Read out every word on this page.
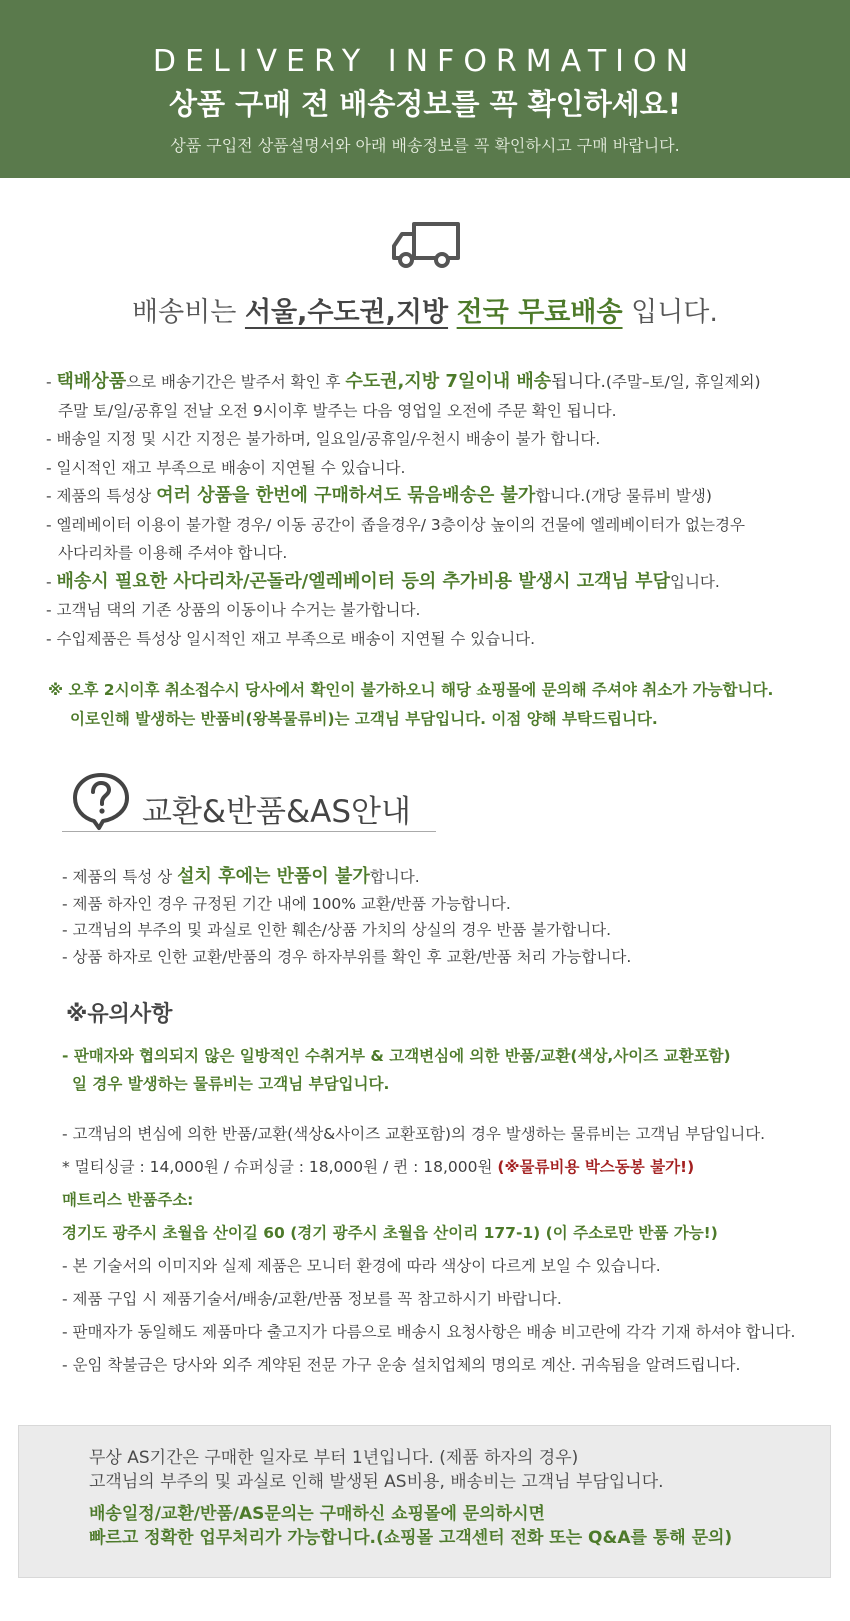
DELIVERY INFORMATION
상품 구매 전 배송정보를 꼭 확인하세요!
상품 구입전 상품설명서와 아래 배송정보를 꼭 확인하시고 구매 바랍니다.
배송비는 서울,수도권,지방 전국 무료배송 입니다.
- 택배상품으로 배송기간은 발주서 확인 후 수도권,지방 7일이내 배송됩니다.(주말–토/일, 휴일제외)
주말 토/일/공휴일 전날 오전 9시이후 발주는 다음 영업일 오전에 주문 확인 됩니다.
- 배송일 지정 및 시간 지정은 불가하며, 일요일/공휴일/우천시 배송이 불가 합니다.
- 일시적인 재고 부족으로 배송이 지연될 수 있습니다.
- 제품의 특성상 여러 상품을 한번에 구매하셔도 묶음배송은 불가합니다.(개당 물류비 발생)
- 엘레베이터 이용이 불가할 경우/ 이동 공간이 좁을경우/ 3층이상 높이의 건물에 엘레베이터가 없는경우
사다리차를 이용해 주셔야 합니다.
- 배송시 필요한 사다리차/곤돌라/엘레베이터 등의 추가비용 발생시 고객님 부담입니다.
- 고객님 댁의 기존 상품의 이동이나 수거는 불가합니다.
- 수입제품은 특성상 일시적인 재고 부족으로 배송이 지연될 수 있습니다.
※ 오후 2시이후 취소접수시 당사에서 확인이 불가하오니 해당 쇼핑몰에 문의해 주셔야 취소가 가능합니다.
이로인해 발생하는 반품비(왕복물류비)는 고객님 부담입니다. 이점 양해 부탁드립니다.
교환&반품&AS안내
- 제품의 특성 상 설치 후에는 반품이 불가합니다.
- 제품 하자인 경우 규정된 기간 내에 100% 교환/반품 가능합니다.
- 고객님의 부주의 및 과실로 인한 훼손/상품 가치의 상실의 경우 반품 불가합니다.
- 상품 하자로 인한 교환/반품의 경우 하자부위를 확인 후 교환/반품 처리 가능합니다.
※유의사항
- 판매자와 협의되지 않은 일방적인 수취거부 & 고객변심에 의한 반품/교환(색상,사이즈 교환포함)
일 경우 발생하는 물류비는 고객님 부담입니다.
- 고객님의 변심에 의한 반품/교환(색상&사이즈 교환포함)의 경우 발생하는 물류비는 고객님 부담입니다.
* 멀티싱글 : 14,000원 / 슈퍼싱글 : 18,000원 / 퀸 : 18,000원 (※물류비용 박스동봉 불가!)
매트리스 반품주소:
경기도 광주시 초월읍 산이길 60 (경기 광주시 초월읍 산이리 177-1) (이 주소로만 반품 가능!)
- 본 기술서의 이미지와 실제 제품은 모니터 환경에 따라 색상이 다르게 보일 수 있습니다.
- 제품 구입 시 제품기술서/배송/교환/반품 정보를 꼭 참고하시기 바랍니다.
- 판매자가 동일해도 제품마다 출고지가 다름으로 배송시 요청사항은 배송 비고란에 각각 기재 하셔야 합니다.
- 운임 착불금은 당사와 외주 계약된 전문 가구 운송 설치업체의 명의로 계산. 귀속됨을 알려드립니다.
무상 AS기간은 구매한 일자로 부터 1년입니다. (제품 하자의 경우)
고객님의 부주의 및 과실로 인해 발생된 AS비용, 배송비는 고객님 부담입니다.
배송일정/교환/반품/AS문의는 구매하신 쇼핑몰에 문의하시면
빠르고 정확한 업무처리가 가능합니다.(쇼핑몰 고객센터 전화 또는 Q&A를 통해 문의)
